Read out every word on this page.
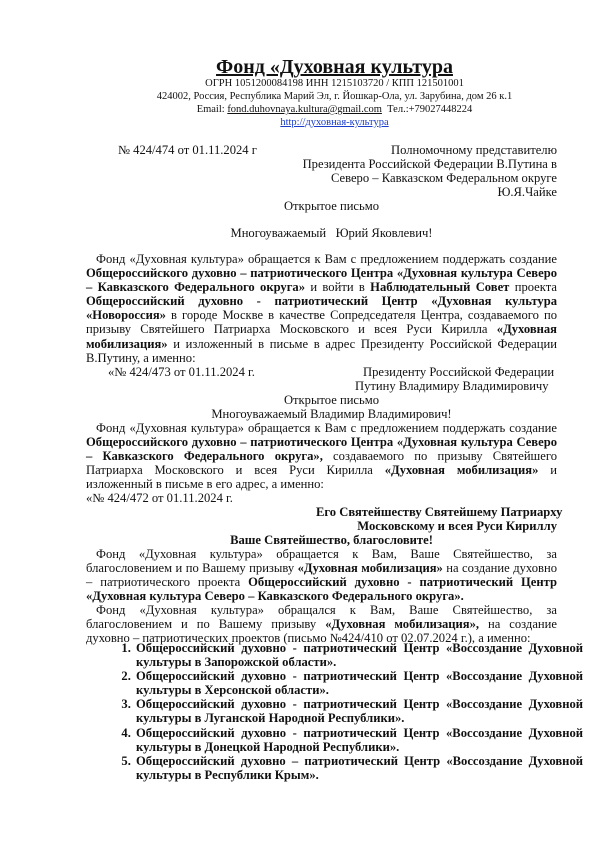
Фонд «Духовная культура
ОГРН 1051200084198 ИНН 1215103720 / КПП 121501001
424002, Россия, Республика Марий Эл, г. Йошкар-Ола, ул. Зарубина, дом 26 к.1
Email: fond.duhovnaya.kultura@gmail.com  Тел.:+79027448224
http://духовная-культура
№ 424/474 от 01.11.2024 г	Полномочному представителю
Президента Российской Федерации В.Путина в
Северо – Кавказском Федеральном округе
Ю.Я.Чайке
Открытое письмо
Многоуважаемый   Юрий Яковлевич!
Фонд «Духовная культура» обращается к Вам с предложением поддержать создание Общероссийского духовно – патриотического Центра «Духовная культура Северо – Кавказского Федерального округа» и войти в Наблюдательный Совет проекта Общероссийский духовно - патриотический Центр «Духовная культура «Новороссия» в городе Москве в качестве Сопредседателя Центра, создаваемого по призыву Святейшего Патриарха Московского и всея Руси Кирилла «Духовная мобилизация» и изложенный в письме в адрес Президенту Российской Федерации В.Путину, а именно:
«№ 424/473 от 01.11.2024 г.	Президенту Российской Федерации
Путину Владимиру Владимировичу
Открытое письмо
Многоуважаемый Владимир Владимирович!
Фонд «Духовная культура» обращается к Вам с предложением поддержать создание Общероссийского духовно – патриотического Центра «Духовная культура Северо – Кавказского Федерального округа», создаваемого по призыву Святейшего Патриарха Московского и всея Руси Кирилла «Духовная мобилизация» и изложенный в письме в его адрес, а именно:
«№ 424/472 от 01.11.2024 г.
Его Святейшеству Святейшему Патриарху
Московскому и всея Руси Кириллу
Ваше Святейшество, благословите!
Фонд «Духовная культура» обращается к Вам, Ваше Святейшество, за благословением и по Вашему призыву «Духовная мобилизация» на создание духовно – патриотического проекта Общероссийский духовно - патриотический Центр «Духовная культура Северо – Кавказского Федерального округа».
Фонд «Духовная культура» обращался к Вам, Ваше Святейшество, за благословением и по Вашему призыву «Духовная мобилизация», на создание духовно – патриотических проектов (письмо №424/410 от 02.07.2024 г.), а именно:
1. Общероссийский духовно - патриотический Центр «Воссоздание Духовной культуры в Запорожской области».
2. Общероссийский духовно - патриотический Центр «Воссоздание Духовной культуры в Херсонской области».
3. Общероссийский духовно - патриотический Центр «Воссоздание Духовной культуры в Луганской Народной Республики».
4. Общероссийский духовно - патриотический Центр «Воссоздание Духовной культуры в Донецкой Народной Республики».
5. Общероссийский духовно – патриотический Центр «Воссоздание Духовной культуры в Республики Крым».
